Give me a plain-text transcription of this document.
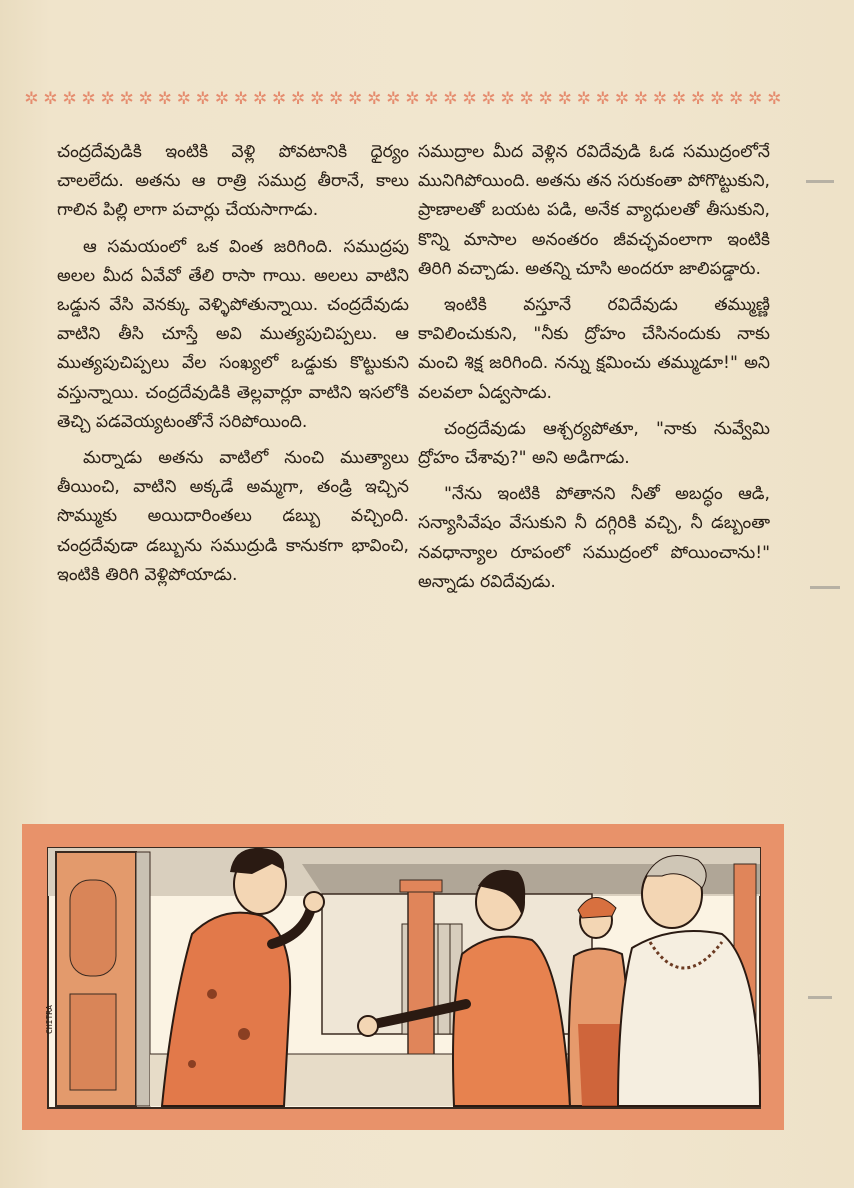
✲ ✲ ✲ ✲ ✲ ✲ ✲ ✲ ✲ ✲ ✲ ✲ ✲ ✲ ✲ ✲ ✲ ✲ ✲ ✲ ✲ ✲ ✲ ✲ ✲ ✲ ✲ ✲ ✲ ✲ ✲ ✲ ✲ ✲ ✲ ✲ ✲ ✲ ✲ ✲

చంద్రదేవుడికి ఇంటికి వెళ్లి పోవటానికి ధైర్యం చాలలేదు. అతను ఆ రాత్రి సముద్ర తీరానే, కాలు గాలిన పిల్లి లాగా పచార్లు చేయసాగాడు.

ఆ సమయంలో ఒక వింత జరిగింది. సముద్రపు అలల మీద ఏవేవో తేలి రాసా గాయి. అలలు వాటిని ఒడ్డున వేసి వెనక్కు వెళ్ళిపోతున్నాయి. చంద్రదేవుడు వాటిని తీసి చూస్తే అవి ముత్యపుచిప్పలు. ఆ ముత్యపుచిప్పలు వేల సంఖ్యలో ఒడ్డుకు కొట్టుకుని వస్తున్నాయి. చంద్రదేవుడికి తెల్లవార్లూ వాటిని ఇసలోకి తెచ్చి పడవెయ్యటంతోనే సరిపోయింది.

మర్నాడు అతను వాటిలో నుంచి ముత్యాలు తీయించి, వాటిని అక్కడే అమ్మగా, తండ్రి ఇచ్చిన సొమ్ముకు అయిదారింతలు డబ్బు వచ్చింది. చంద్రదేవుడా డబ్బును సముద్రుడి కానుకగా భావించి, ఇంటికి తిరిగి వెళ్లిపోయాడు.

సముద్రాల మీద వెళ్లిన రవిదేవుడి ఓడ సముద్రంలోనే మునిగిపోయింది. అతను తన సరుకంతా పోగొట్టుకుని, ప్రాణాలతో బయట పడి, అనేక వ్యాధులతో తీసుకుని, కొన్ని మాసాల అనంతరం జీవచ్ఛవంలాగా ఇంటికి తిరిగి వచ్చాడు. అతన్ని చూసి అందరూ జాలిపడ్డారు.

ఇంటికి వస్తూనే రవిదేవుడు తమ్ముణ్ణి కావిలించుకుని, "నీకు ద్రోహం చేసినందుకు నాకు మంచి శిక్ష జరిగింది. నన్ను క్షమించు తమ్ముడూ!" అని వలవలా ఏడ్వసాడు.

చంద్రదేవుడు ఆశ్చర్యపోతూ, "నాకు నువ్వేమి ద్రోహం చేశావు?" అని అడిగాడు.

"నేను ఇంటికి పోతానని నీతో అబద్ధం ఆడి, సన్యాసివేషం వేసుకుని నీ దగ్గిరికి వచ్చి, నీ డబ్బంతా నవధాన్యాల రూపంలో సముద్రంలో పోయించాను!" అన్నాడు రవిదేవుడు.

CHITRA
